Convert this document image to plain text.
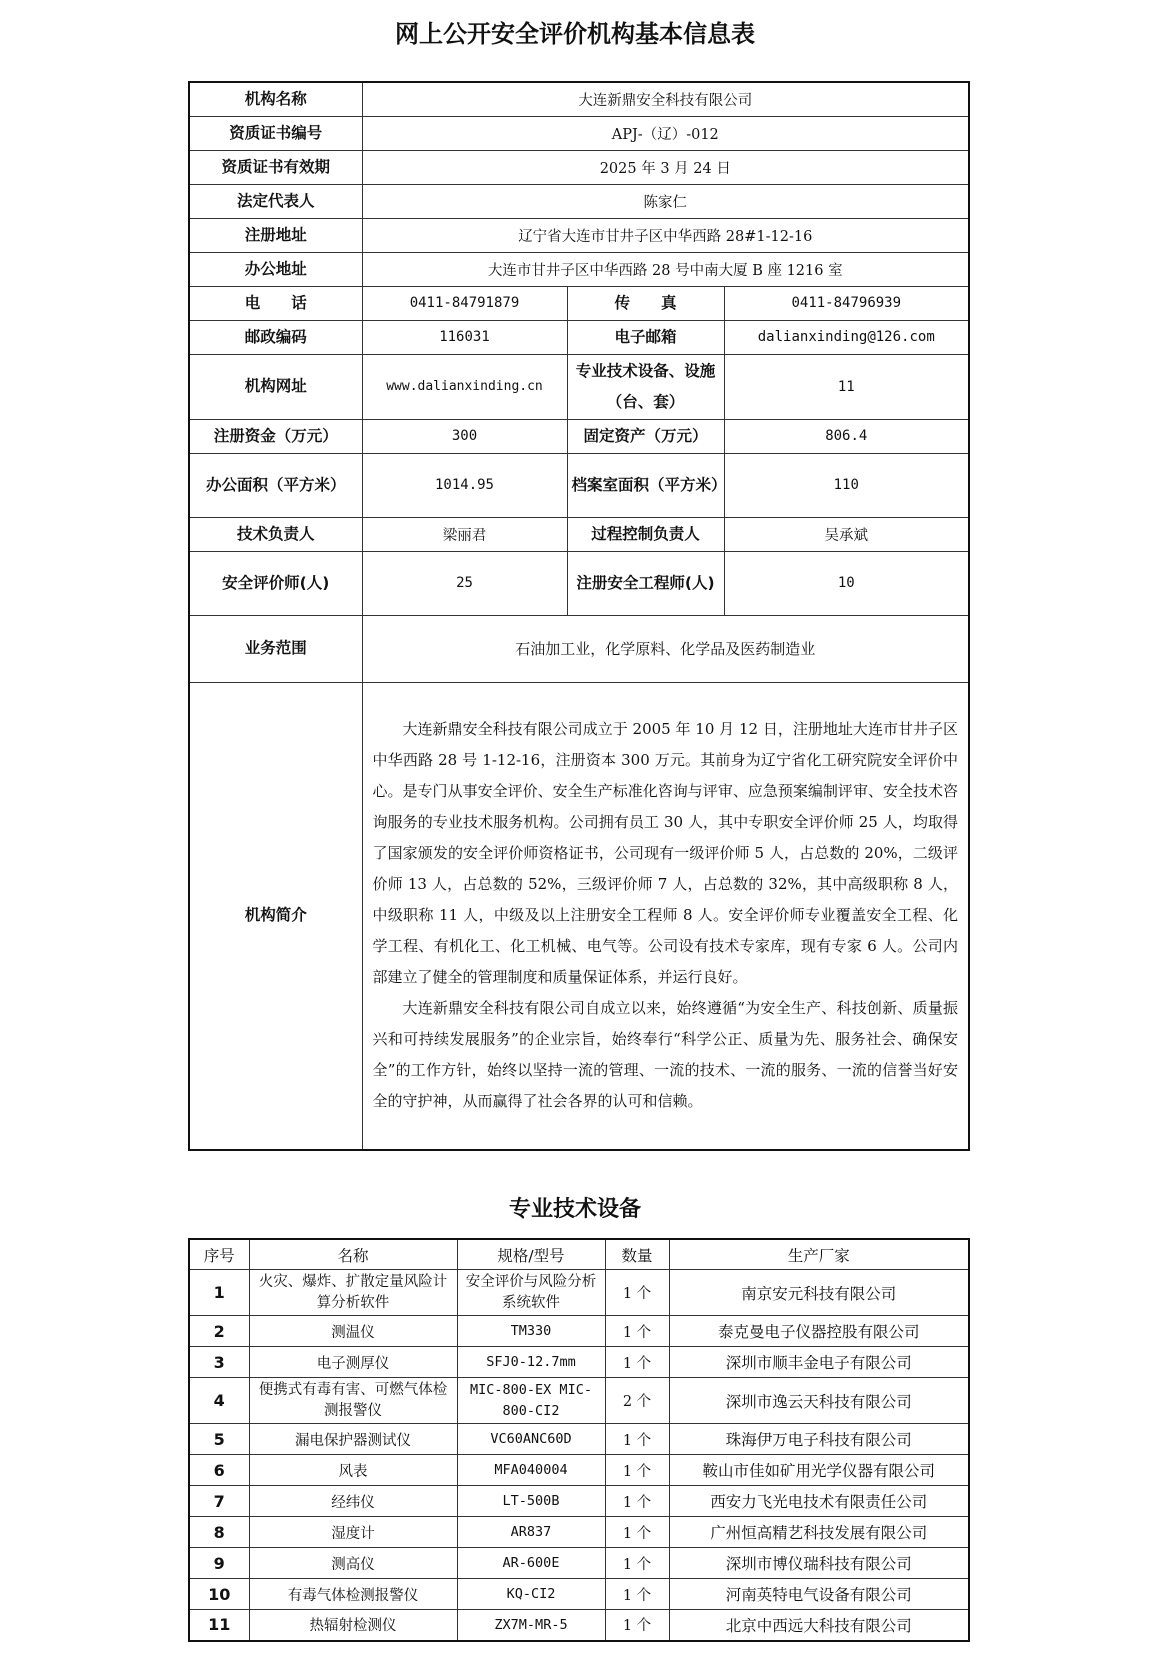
网上公开安全评价机构基本信息表
机构名称	大连新鼎安全科技有限公司		
资质证书编号	APJ-（辽）-012		
资质证书有效期	2025 年 3 月 24 日		
法定代表人	陈家仁		
注册地址	辽宁省大连市甘井子区中华西路 28#1-12-16		
办公地址	大连市甘井子区中华西路 28 号中南大厦 B 座 1216 室		
电　　话	0411-84791879	传　　真	0411-84796939
邮政编码	116031	电子邮箱	dalianxinding@126.com
机构网址	www.dalianxinding.cn	专业技术设备、设施（台、套）	11
注册资金（万元）	300	固定资产（万元）	806.4
办公面积（平方米）	1014.95	档案室面积（平方米）	110
技术负责人	梁丽君	过程控制负责人	吴承斌
安全评价师(人)	25	注册安全工程师(人)	10
业务范围	石油加工业，化学原料、化学品及医药制造业		
机构简介	大连新鼎安全科技有限公司成立于 2005 年 10 月 12 日，注册地址大连市甘井子区中华西路 28 号 1-12-16，注册资本 300 万元。其前身为辽宁省化工研究院安全评价中心。是专门从事安全评价、安全生产标准化咨询与评审、应急预案编制评审、安全技术咨询服务的专业技术服务机构。公司拥有员工 30 人，其中专职安全评价师 25 人，均取得了国家颁发的安全评价师资格证书，公司现有一级评价师 5 人，占总数的 20%，二级评价师 13 人，占总数的 52%，三级评价师 7 人，占总数的 32%，其中高级职称 8 人，中级职称 11 人，中级及以上注册安全工程师 8 人。安全评价师专业覆盖安全工程、化学工程、有机化工、化工机械、电气等。公司设有技术专家库，现有专家 6 人。公司内部建立了健全的管理制度和质量保证体系，并运行良好。

大连新鼎安全科技有限公司自成立以来，始终遵循“为安全生产、科技创新、质量振兴和可持续发展服务”的企业宗旨，始终奉行“科学公正、质量为先、服务社会、确保安全”的工作方针，始终以坚持一流的管理、一流的技术、一流的服务、一流的信誉当好安全的守护神，从而赢得了社会各界的认可和信赖。		

专业技术设备
序号	名称	规格/型号	数量	生产厂家
1	火灾、爆炸、扩散定量风险计算分析软件	安全评价与风险分析系统软件	1 个	南京安元科技有限公司
2	测温仪	TM330	1 个	泰克曼电子仪器控股有限公司
3	电子测厚仪	SFJ0-12.7mm	1 个	深圳市顺丰金电子有限公司
4	便携式有毒有害、可燃气体检测报警仪	MIC-800-EX MIC-800-CI2	2 个	深圳市逸云天科技有限公司
5	漏电保护器测试仪	VC60ANC60D	1 个	珠海伊万电子科技有限公司
6	风表	MFA040004	1 个	鞍山市佳如矿用光学仪器有限公司
7	经纬仪	LT-500B	1 个	西安力飞光电技术有限责任公司
8	湿度计	AR837	1 个	广州恒高精艺科技发展有限公司
9	测高仪	AR-600E	1 个	深圳市博仪瑞科技有限公司
10	有毒气体检测报警仪	KQ-CI2	1 个	河南英特电气设备有限公司
11	热辐射检测仪	ZX7M-MR-5	1 个	北京中西远大科技有限公司
